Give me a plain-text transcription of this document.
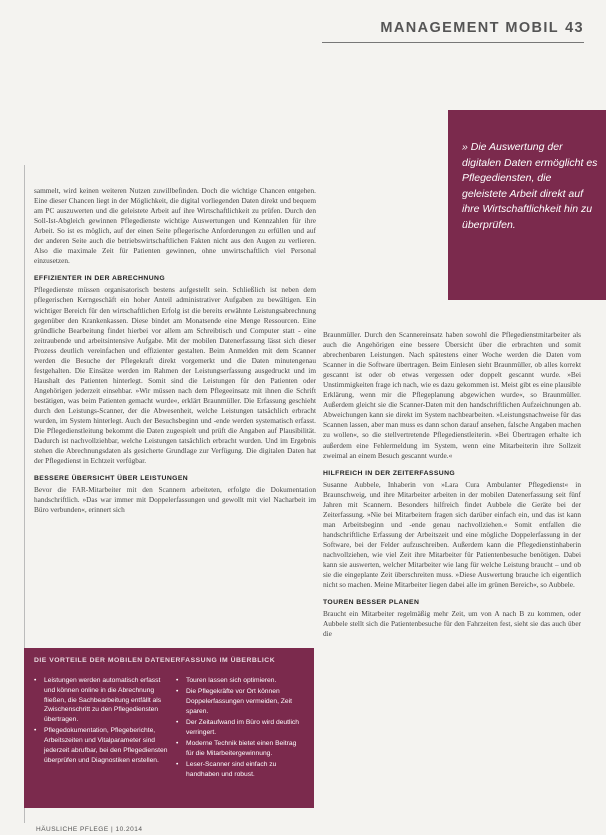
MANAGEMENT MOBIL 43
» Die Auswertung der digitalen Daten ermöglicht es Pflegediensten, die geleistete Arbeit direkt auf ihre Wirtschaftlichkeit hin zu überprüfen.

sammelt, wird keinen weiteren Nutzen zuwillbefinden. Doch die wichtige Chancen entgehen. Eine dieser Chancen liegt in der Möglichkeit, die digital vorliegenden Daten direkt und bequem am PC auszuwerten und die geleistete Arbeit auf ihre Wirtschaftlichkeit zu prüfen. Durch den Soll-Ist-Abgleich gewinnen Pflegedienste wichtige Auswertungen und Kennzahlen für ihre Arbeit. So ist es möglich, auf der einen Seite pflegerische Anforderungen zu erfüllen und auf der anderen Seite auch die betriebswirtschaftlichen Fakten nicht aus den Augen zu verlieren. Also die maximale Zeit für Patienten gewinnen, ohne unwirtschaftlich viel Personal einzusetzen.

EFFIZIENTER IN DER ABRECHNUNG

Pflegedienste müssen organisatorisch bestens aufgestellt sein. Schließlich ist neben dem pflegerischen Kerngeschäft ein hoher Anteil administrativer Aufgaben zu bewältigen. Ein wichtiger Bereich für den wirtschaftlichen Erfolg ist die bereits erwähnte Leistungsabrechnung gegenüber den Krankenkassen. Diese bindet am Monatsende eine Menge Ressourcen. Eine gründliche Bearbeitung findet hierbei vor allem am Schreibtisch und Computer statt - eine zeitraubende und arbeitsintensive Aufgabe. Mit der mobilen Datenerfassung lässt sich dieser Prozess deutlich vereinfachen und effizienter gestalten. Beim Anmelden mit dem Scanner werden die Besuche der Pflegekraft direkt vorgemerkt und die Daten minutengenau festgehalten. Die Einsätze werden im Rahmen der Leistungserfassung ausgedruckt und im Haushalt des Patienten hinterlegt. Somit sind die Leistungen für den Patienten oder Angehörigen jederzeit einsehbar. »Wir müssen nach dem Pflegeeinsatz mit ihnen die Schrift bestätigen, was beim Patienten gemacht wurde«, erklärt Braunmüller. Die Erfassung geschieht durch den Leistungs-Scanner, der die Abwesenheit, welche Leistungen tatsächlich erbracht wurden, im System hinterlegt. Auch der Besuchsbeginn und -ende werden systematisch erfasst. Die Pflegedienstleitung bekommt die Daten zugespielt und prüft die Angaben auf Plausibilität. Dadurch ist nachvollziehbar, welche Leistungen tatsächlich erbracht wurden. Und im Ergebnis stehen die Abrechnungsdaten als gesicherte Grundlage zur Verfügung. Die digitalen Daten hat der Pflegedienst in Echtzeit verfügbar.

BESSERE ÜBERSICHT ÜBER LEISTUNGEN

Bevor die FAR-Mitarbeiter mit den Scannern arbeiteten, erfolgte die Dokumentation handschriftlich. »Das war immer mit Doppelerfassungen und gewollt mit viel Nacharbeit im Büro verbunden«, erinnert sich

Braunmüller. Durch den Scannereinsatz haben sowohl die Pflegedienstmitarbeiter als auch die Angehörigen eine bessere Übersicht über die erbrachten und somit abrechenbaren Leistungen. Nach spätestens einer Woche werden die Daten vom Scanner in die Software übertragen. Beim Einlesen sieht Braunmüller, ob alles korrekt gescannt ist oder ob etwas vergessen oder doppelt gescannt wurde. »Bei Unstimmigkeiten frage ich nach, wie es dazu gekommen ist. Meist gibt es eine plausible Erklärung, wenn mir die Pflegeplanung abgewichen wurde«, so Braunmüller. Außerdem gleicht sie die Scanner-Daten mit den handschriftlichen Aufzeichnungen ab. Abweichungen kann sie direkt im System nachbearbeiten. »Leistungsnachweise für das Scannen lassen, aber man muss es dann schon darauf ansehen, falsche Angaben machen zu wollen«, so die stellvertretende Pflegedienstleiterin. »Bei Übertragen erhalte ich außerdem eine Fehlermeldung im System, wenn eine Mitarbeiterin ihre Sollzeit zweimal an einem Besuch gescannt wurde.«

HILFREICH IN DER ZEITERFASSUNG

Susanne Aubbele, Inhaberin von »Lara Cura Ambulanter Pflegedienst« in Braunschweig, und ihre Mitarbeiter arbeiten in der mobilen Datenerfassung seit fünf Jahren mit Scannern. Besonders hilfreich findet Aubbele die Geräte bei der Zeiterfassung. »Nie bei Mitarbeitern fragen sich darüber einfach ein, und das ist kann man Arbeitsbeginn und -ende genau nachvollziehen.« Somit entfallen die handschriftliche Erfassung der Arbeitszeit und eine mögliche Doppelerfassung in der Software, bei der Felder aufzuschreiben. Außerdem kann die Pflegedienstinhaberin nachvollziehen, wie viel Zeit ihre Mitarbeiter für Patientenbesuche benötigen. Dabei kann sie auswerten, welcher Mitarbeiter wie lang für welche Leistung braucht – und ob sie die eingeplante Zeit überschreiten muss. »Diese Auswertung brauche ich eigentlich nicht so machen. Meine Mitarbeiter liegen dabei alle im grünen Bereich«, so Aubbele.

TOUREN BESSER PLANEN

Braucht ein Mitarbeiter regelmäßig mehr Zeit, um von A nach B zu kommen, oder Aubbele stellt sich die Patientenbesuche für den Fahrzeiten fest, sieht sie das auch über die

DIE VORTEILE DER MOBILEN DATENERFASSUNG IM ÜBERBLICK
• Leistungen werden automatisch erfasst und können online in die Abrechnung fließen, die Sachbearbeitung entfällt als Zwischenschritt zu den Pflegediensten übertragen.
• Pflegedokumentation, Pflegeberichte, Arbeitszeiten und Vitalparameter sind jederzeit abrufbar, bei den Pflegediensten überprüfen und Diagnostiken erstellen.
• Touren lassen sich optimieren.
• Die Pflegekräfte vor Ort können Doppelerfassungen vermeiden, Zeit sparen.
• Der Zeitaufwand im Büro wird deutlich verringert.
• Moderne Technik bietet einen Beitrag für die Mitarbeitergewinnung.
• Leser-Scanner sind einfach zu handhaben und robust.
HÄUSLICHE PFLEGE | 10.2014
